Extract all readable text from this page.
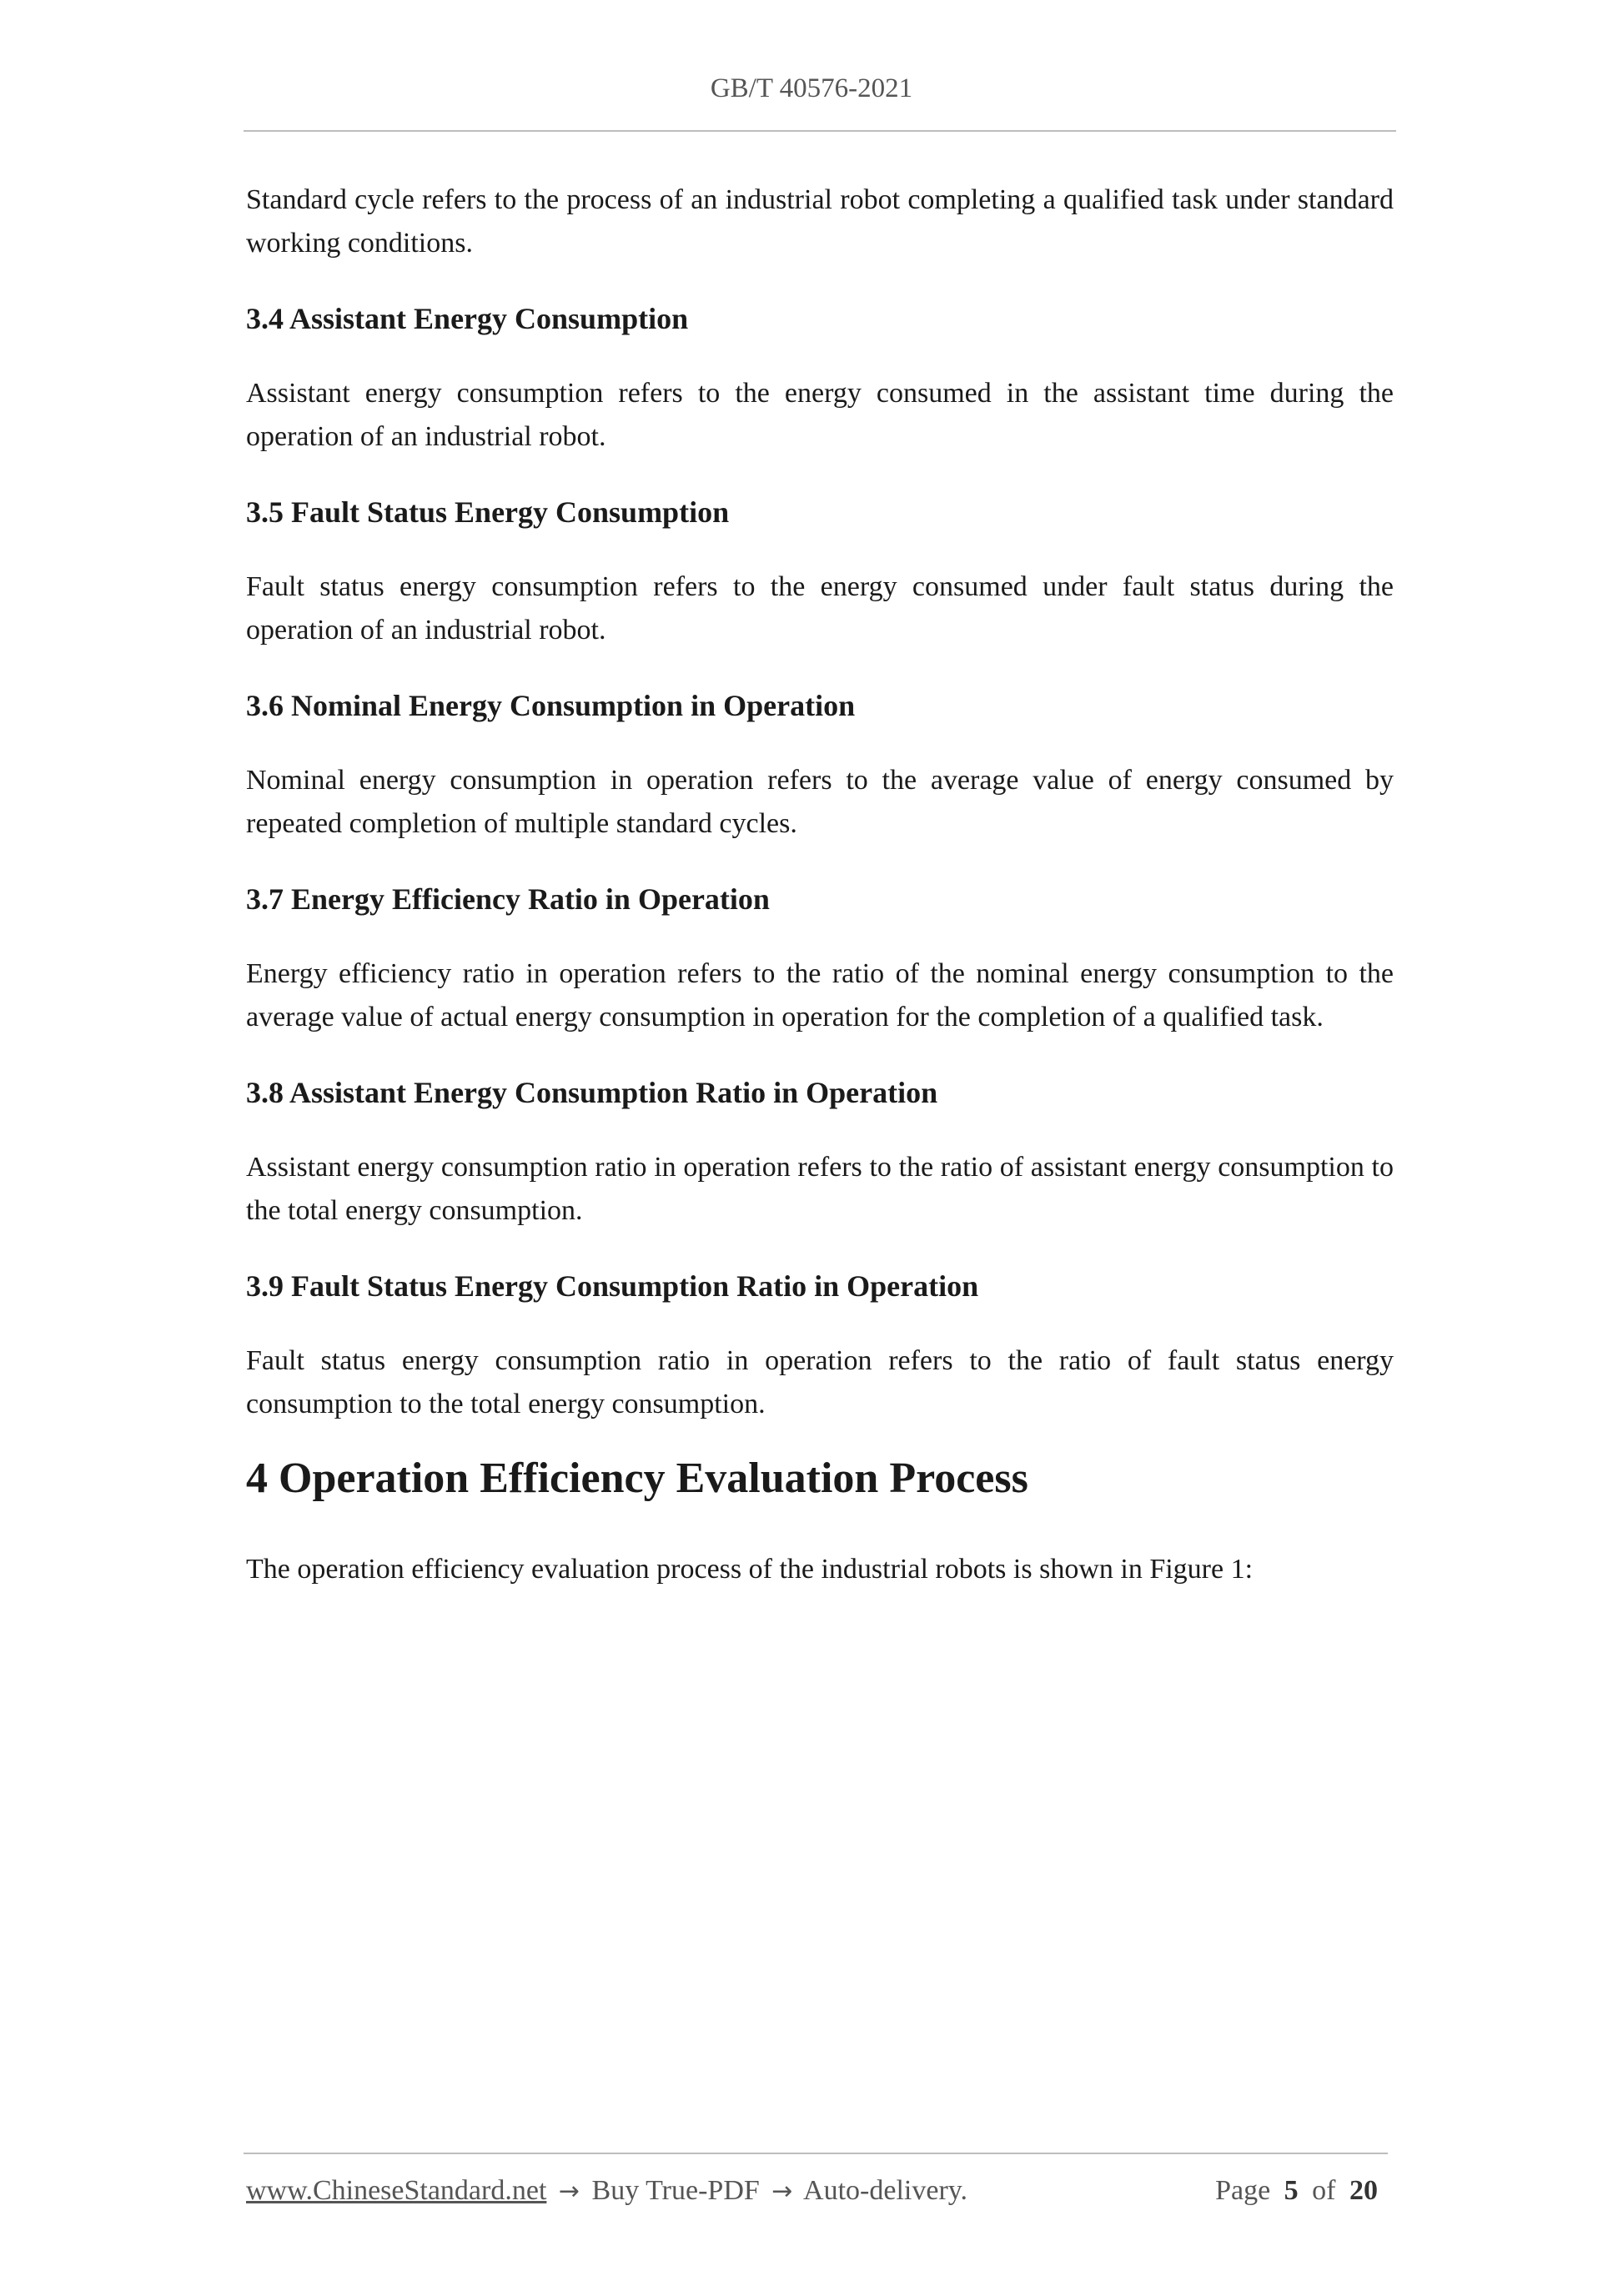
GB/T 40576-2021

Standard cycle refers to the process of an industrial robot completing a qualified task under standard working conditions.

3.4 Assistant Energy Consumption

Assistant energy consumption refers to the energy consumed in the assistant time during the operation of an industrial robot.

3.5 Fault Status Energy Consumption

Fault status energy consumption refers to the energy consumed under fault status during the operation of an industrial robot.

3.6 Nominal Energy Consumption in Operation

Nominal energy consumption in operation refers to the average value of energy consumed by repeated completion of multiple standard cycles.

3.7 Energy Efficiency Ratio in Operation

Energy efficiency ratio in operation refers to the ratio of the nominal energy consumption to the average value of actual energy consumption in operation for the completion of a qualified task.

3.8 Assistant Energy Consumption Ratio in Operation

Assistant energy consumption ratio in operation refers to the ratio of assistant energy consumption to the total energy consumption.

3.9 Fault Status Energy Consumption Ratio in Operation

Fault status energy consumption ratio in operation refers to the ratio of fault status energy consumption to the total energy consumption.

4 Operation Efficiency Evaluation Process

The operation efficiency evaluation process of the industrial robots is shown in Figure 1:

www.ChineseStandard.net → Buy True-PDF → Auto-delivery.	Page 5 of 20
